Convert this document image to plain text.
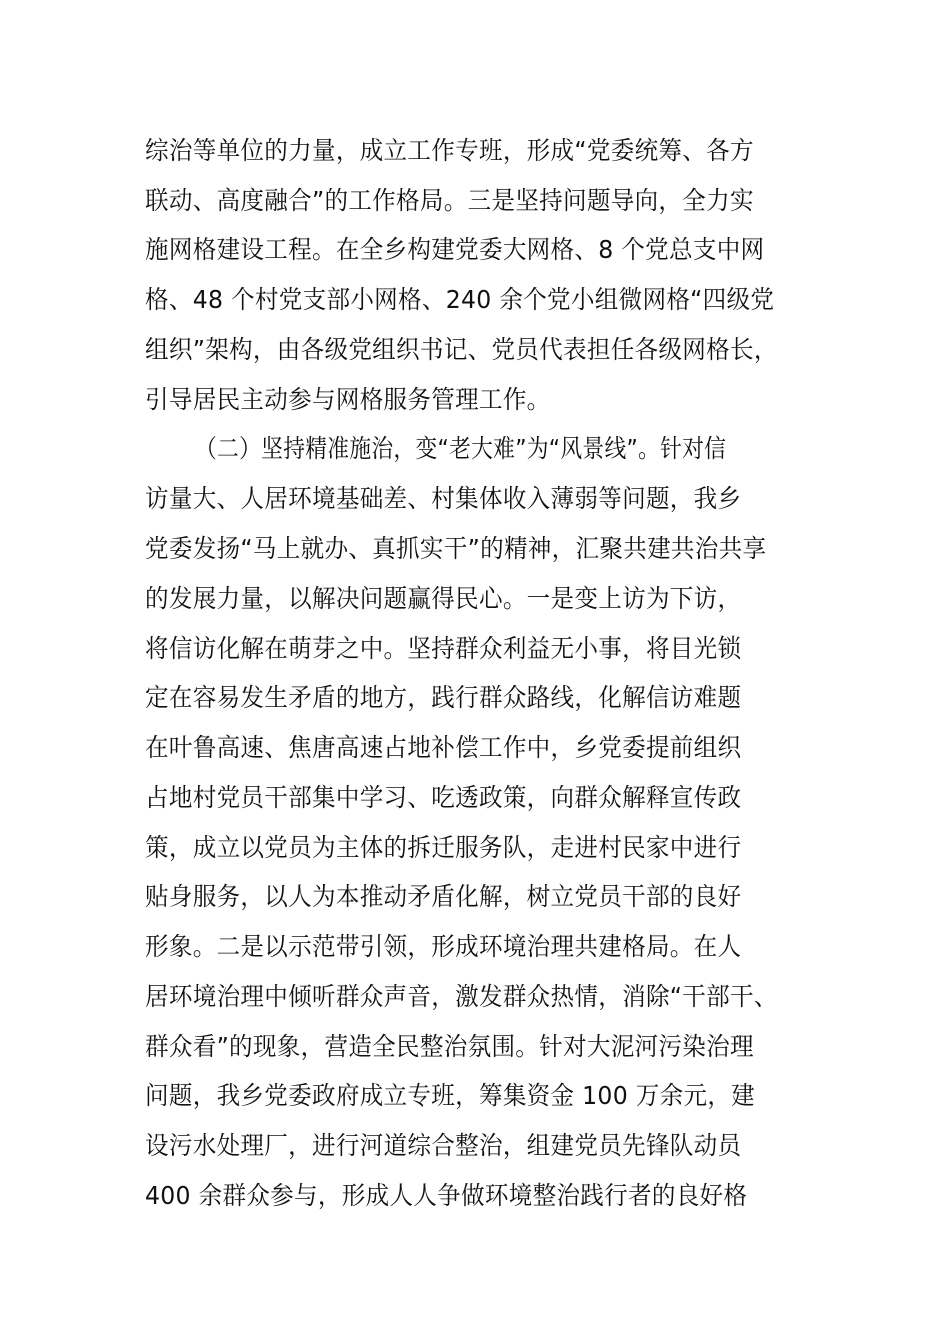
综治等单位的力量，成立工作专班，形成“党委统筹、各方
联动、高度融合”的工作格局。三是坚持问题导向，全力实
施网格建设工程。在全乡构建党委大网格、8 个党总支中网
格、48 个村党支部小网格、240 余个党小组微网格“四级党
组织”架构，由各级党组织书记、党员代表担任各级网格长，
引导居民主动参与网格服务管理工作。
（二）坚持精准施治，变“老大难”为“风景线”。针对信
访量大、人居环境基础差、村集体收入薄弱等问题，我乡
党委发扬“马上就办、真抓实干”的精神，汇聚共建共治共享
的发展力量，以解决问题赢得民心。一是变上访为下访，
将信访化解在萌芽之中。坚持群众利益无小事，将目光锁
定在容易发生矛盾的地方，践行群众路线，化解信访难题
在叶鲁高速、焦唐高速占地补偿工作中，乡党委提前组织
占地村党员干部集中学习、吃透政策，向群众解释宣传政
策，成立以党员为主体的拆迁服务队，走进村民家中进行
贴身服务，以人为本推动矛盾化解，树立党员干部的良好
形象。二是以示范带引领，形成环境治理共建格局。在人
居环境治理中倾听群众声音，激发群众热情，消除“干部干、
群众看”的现象，营造全民整治氛围。针对大泥河污染治理
问题，我乡党委政府成立专班，筹集资金 100 万余元，建
设污水处理厂，进行河道综合整治，组建党员先锋队动员
400 余群众参与，形成人人争做环境整治践行者的良好格
